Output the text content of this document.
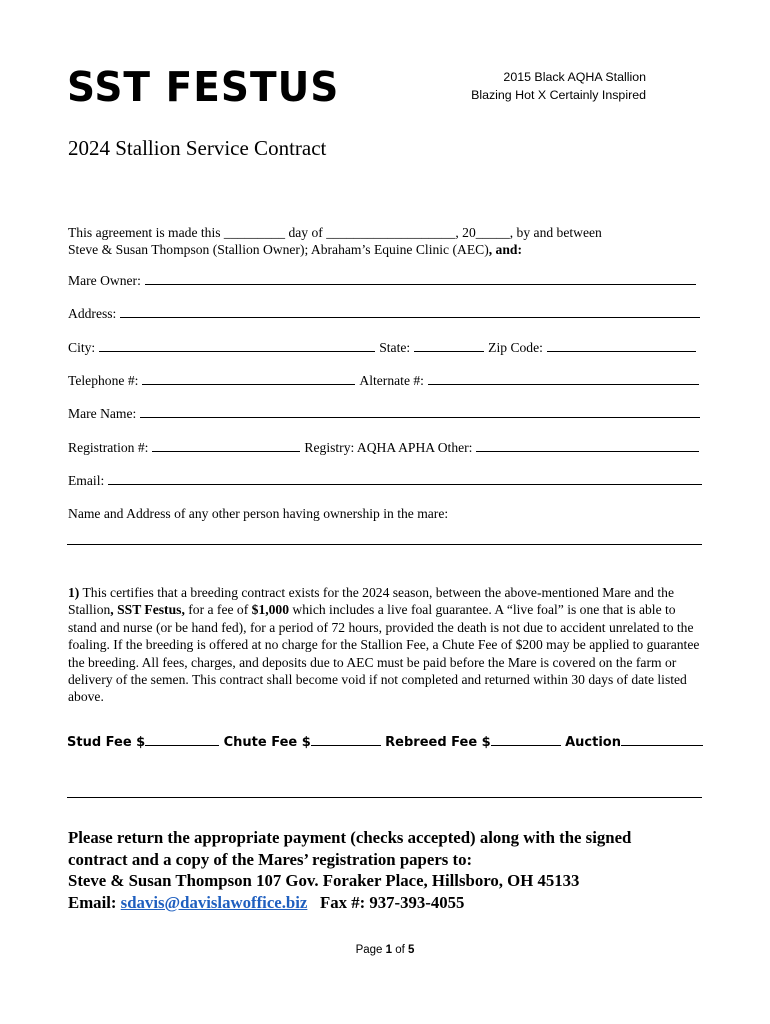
SST FESTUS	2015 Black AQHA Stallion
Blazing Hot X Certainly Inspired
2024 Stallion Service Contract
This agreement is made this _________ day of ___________________, 20_____, by and between
Steve & Susan Thompson (Stallion Owner); Abraham’s Equine Clinic (AEC), and:
Mare Owner:
Address:
City:	State:	Zip Code:
Telephone #:	Alternate #:
Mare Name:
Registration #:	Registry: AQHA APHA Other:
Email:
Name and Address of any other person having ownership in the mare:
1) This certifies that a breeding contract exists for the 2024 season, between the above-mentioned Mare and the Stallion, SST Festus, for a fee of $1,000 which includes a live foal guarantee. A “live foal” is one that is able to stand and nurse (or be hand fed), for a period of 72 hours, provided the death is not due to accident unrelated to the foaling. If the breeding is offered at no charge for the Stallion Fee, a Chute Fee of $200 may be applied to guarantee the breeding. All fees, charges, and deposits due to AEC must be paid before the Mare is covered on the farm or delivery of the semen. This contract shall become void if not completed and returned within 30 days of date listed above.
Stud Fee $	Chute Fee $	Rebreed Fee $	Auction
Please return the appropriate payment (checks accepted) along with the signed
contract and a copy of the Mares’ registration papers to:
Steve & Susan Thompson 107 Gov. Foraker Place, Hillsboro, OH 45133
Email: sdavis@davislawoffice.biz   Fax #: 937-393-4055
Page 1 of 5
